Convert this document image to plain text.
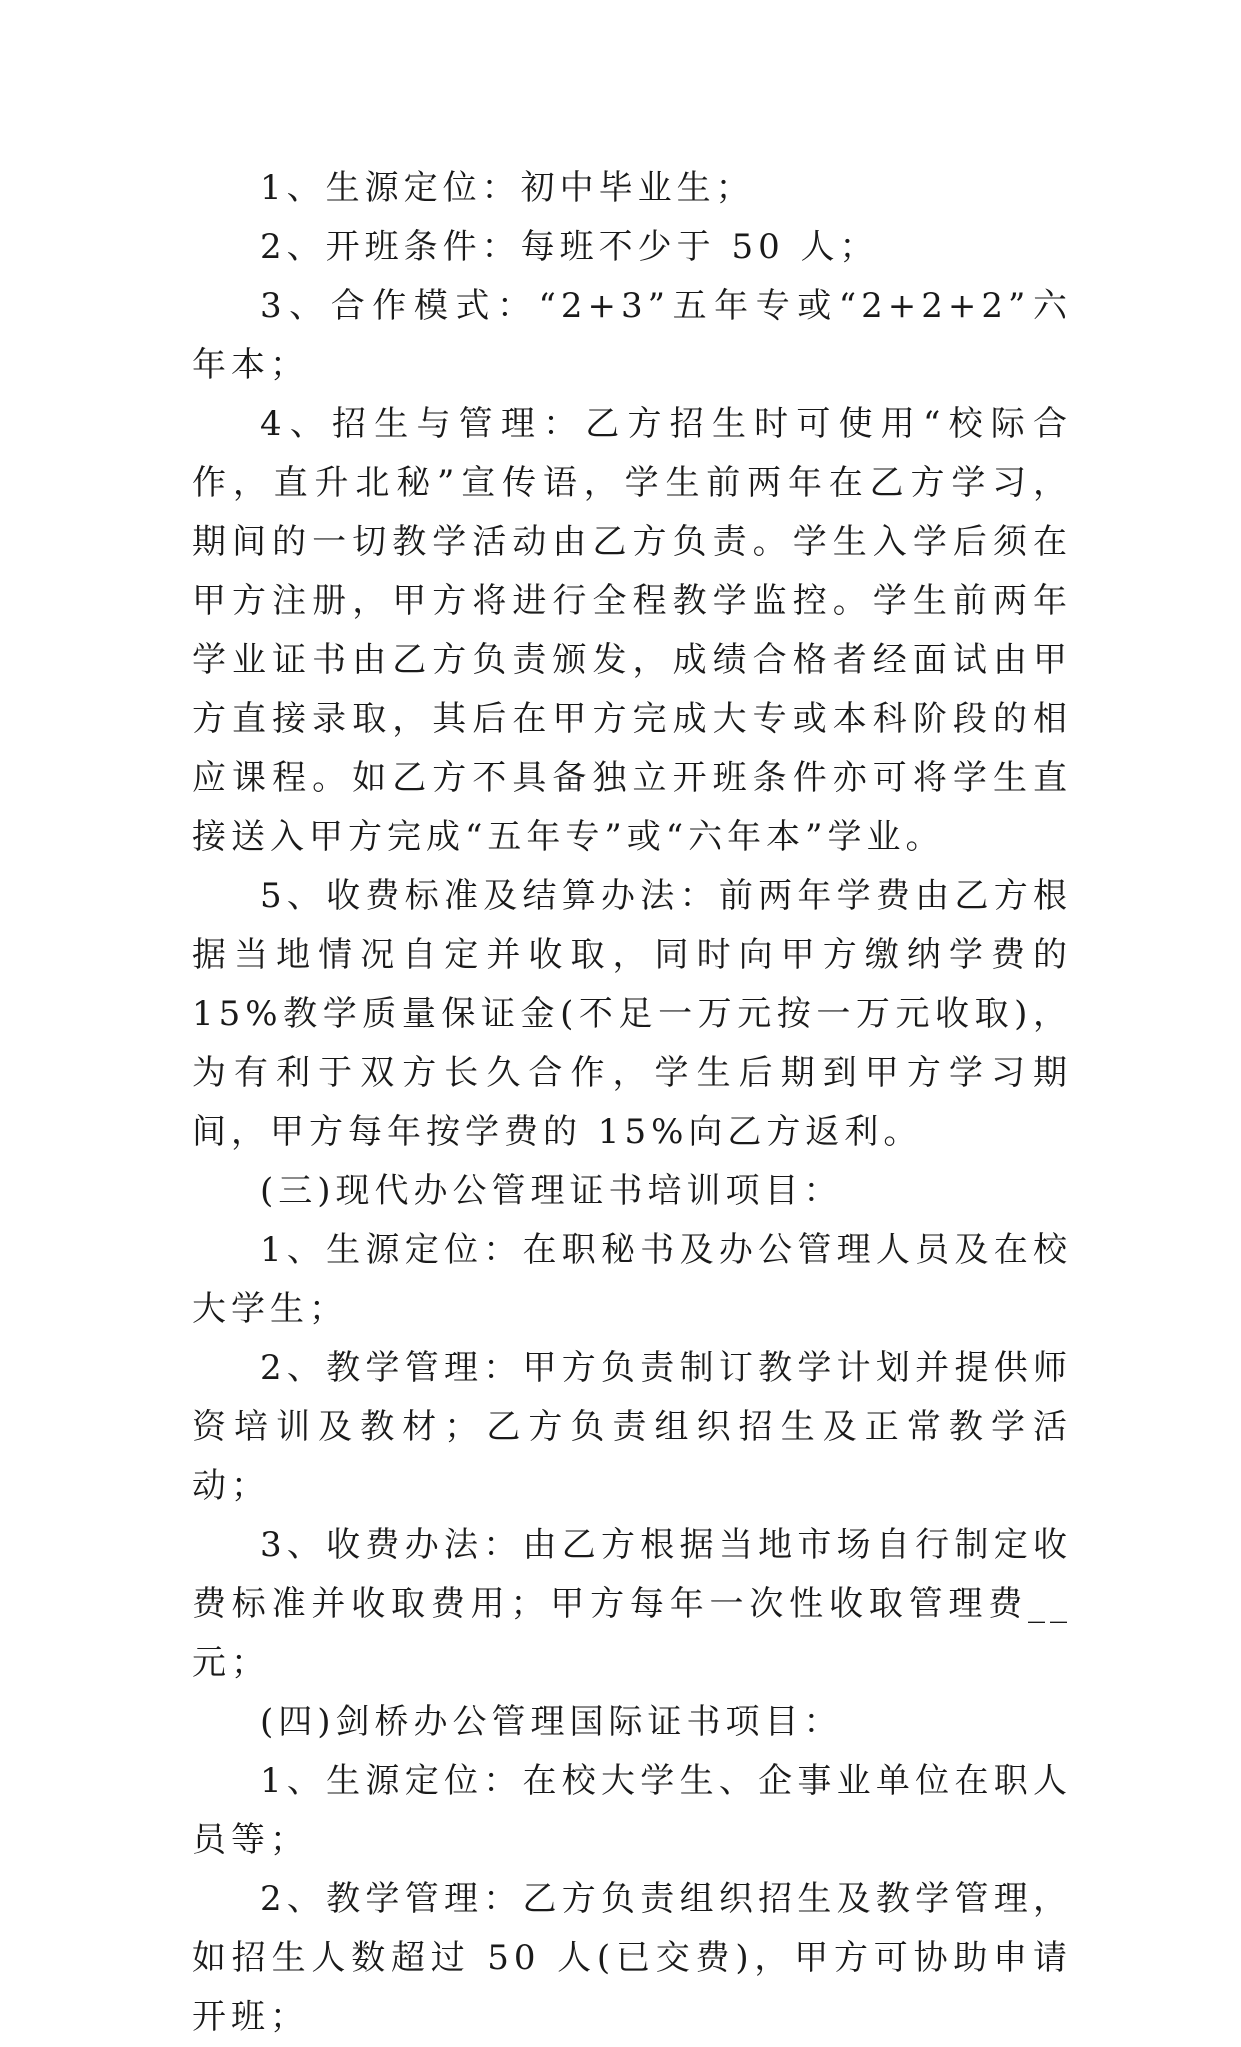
1、生源定位：初中毕业生；

2、开班条件：每班不少于 50 人；

3、合作模式：“2+3”五年专或“2+2+2”六年本；

4、招生与管理：乙方招生时可使用“校际合作，直升北秘”宣传语，学生前两年在乙方学习，期间的一切教学活动由乙方负责。学生入学后须在甲方注册，甲方将进行全程教学监控。学生前两年学业证书由乙方负责颁发，成绩合格者经面试由甲方直接录取，其后在甲方完成大专或本科阶段的相应课程。如乙方不具备独立开班条件亦可将学生直接送入甲方完成“五年专”或“六年本”学业。

5、收费标准及结算办法：前两年学费由乙方根据当地情况自定并收取，同时向甲方缴纳学费的 15%教学质量保证金(不足一万元按一万元收取)，为有利于双方长久合作，学生后期到甲方学习期间，甲方每年按学费的 15%向乙方返利。

(三)现代办公管理证书培训项目：

1、生源定位：在职秘书及办公管理人员及在校大学生；

2、教学管理：甲方负责制订教学计划并提供师资培训及教材；乙方负责组织招生及正常教学活动；

3、收费办法：由乙方根据当地市场自行制定收费标准并收取费用；甲方每年一次性收取管理费__元；

(四)剑桥办公管理国际证书项目：

1、生源定位：在校大学生、企事业单位在职人员等；

2、教学管理：乙方负责组织招生及教学管理，如招生人数超过 50 人(已交费)，甲方可协助申请开班；
